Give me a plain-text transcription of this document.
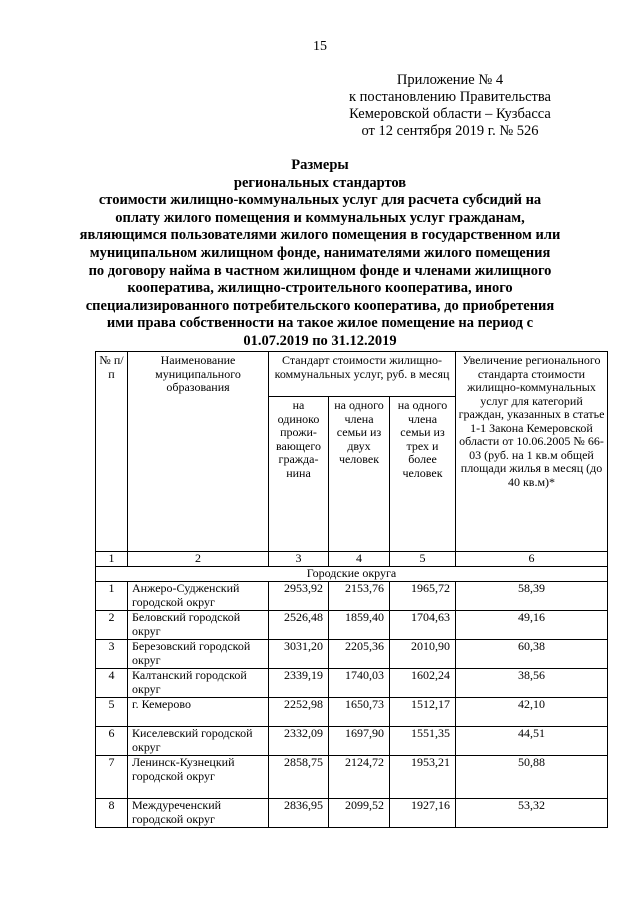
15
Приложение № 4
к постановлению Правительства
Кемеровской области – Кузбасса
от 12 сентября 2019 г. № 526
Размеры
региональных стандартов
стоимости жилищно-коммунальных услуг для расчета субсидий на
оплату жилого помещения и коммунальных услуг гражданам,
являющимся пользователями жилого помещения в государственном или
муниципальном жилищном фонде, нанимателями жилого помещения
по договору найма в частном жилищном фонде и членами жилищного
кооператива, жилищно-строительного кооператива, иного
специализированного потребительского кооператива, до приобретения
ими права собственности на такое жилое помещение на период с
01.07.2019 по 31.12.2019
№ п/п	Наименование муниципального образования	Стандарт стоимости жилищно-коммунальных услуг, руб. в месяц			Увеличение регионального стандарта стоимости жилищно-коммунальных услуг для категорий граждан, указанных в статье 1-1 Закона Кемеровской области от 10.06.2005 № 66-03 (руб. на 1 кв.м общей площади жилья в месяц (до 40 кв.м)*
		на одиноко прожи-вающего гражда-нина	на одного члена семьи из двух человек	на одного члена семьи из трех и более человек	
1	2	3	4	5	6
Городские округа					
1	Анжеро-Судженский городской округ	2953,92	2153,76	1965,72	58,39
2	Беловский городской округ	2526,48	1859,40	1704,63	49,16
3	Березовский городской округ	3031,20	2205,36	2010,90	60,38
4	Калтанский городской округ	2339,19	1740,03	1602,24	38,56
5	г. Кемерово	2252,98	1650,73	1512,17	42,10
6	Киселевский городской округ	2332,09	1697,90	1551,35	44,51
7	Ленинск-Кузнецкий городской округ	2858,75	2124,72	1953,21	50,88
8	Междуреченский городской округ	2836,95	2099,52	1927,16	53,32
